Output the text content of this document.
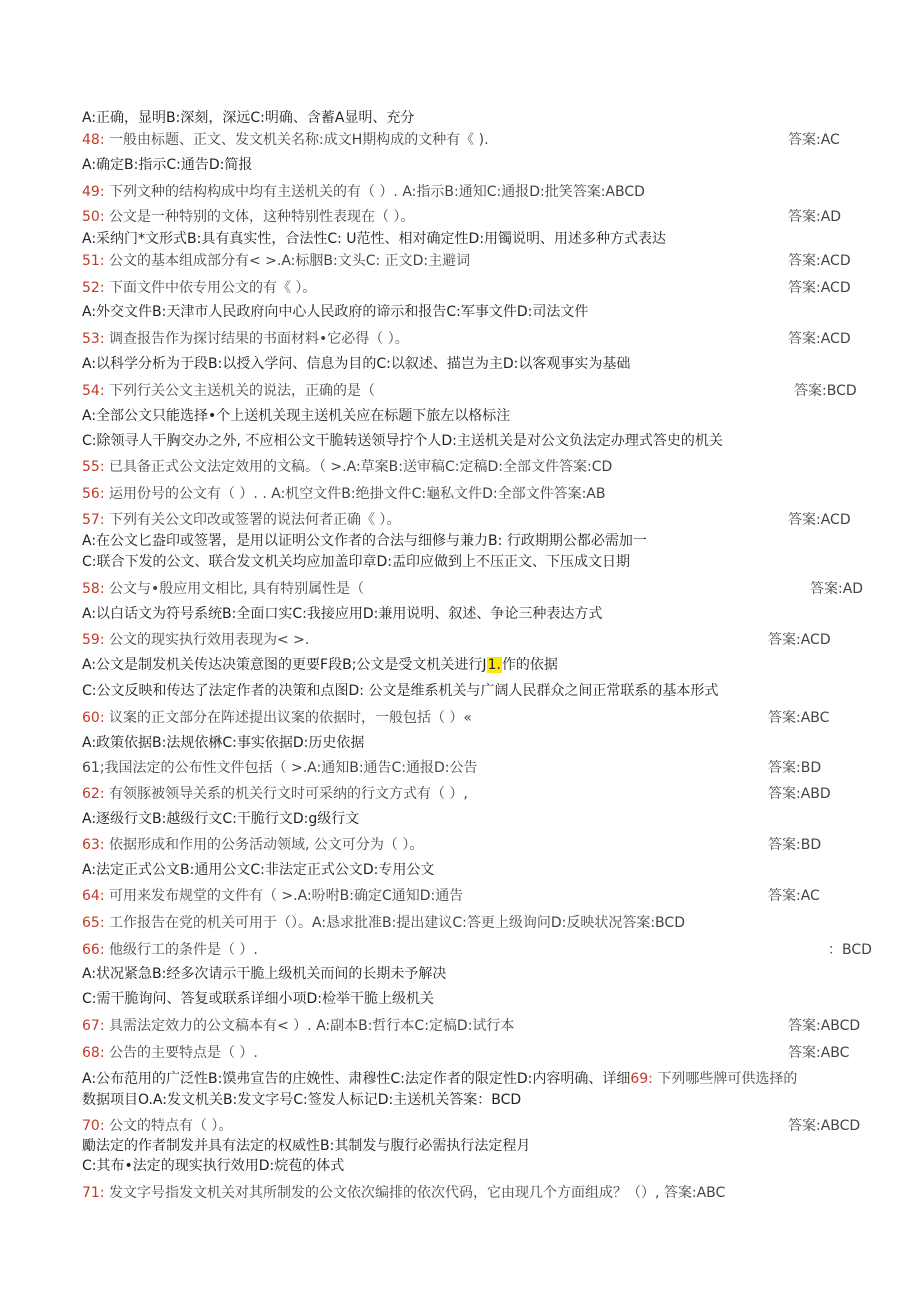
A:正确，显明B:深刻，深远C:明确、含蓄A显明、充分
48: 一般由标题、正文、发文机关名称:成文H期构成的文种有《 ).	答案:AC
A:确定B:指示C:通告D:简报
49: 下列文种的结构构成中均有主送机关的有（ ）. A:指示B:通知C:通报D:批笑答案:ABCD
50: 公文是一种特别的文体，这种特别性表现在（ ）。	答案:AD
A:采纳门*文形式B:具有真实性，合法性C: U范性、相对确定性D:用镯说明、用述多种方式表达
51: 公文的基本组成部分有< >.A:标胭B:文头C: 正文D:主避词	答案:ACD
52: 下面文件中依专用公文的有《 ）。	答案:ACD
A:外交文件B:天津市人民政府向中心人民政府的谛示和报告C:军事文件D:司法文件
53: 调查报告作为探讨结果的书面材料•它必得（ ）。	答案:ACD
A:以科学分析为于段B:以授入学问、信息为目的C:以叙述、描岂为主D:以客观事实为基础
54: 下列行关公文主送机关的说法，正确的是（	答案:BCD
A:全部公文只能选择•个上送机关现主送机关应在标题下旅左以格标注
C:除领寻人干胸交办之外, 不应相公文干脆转送领导拧个人D:主送机关是对公文负法定办理式答史的机关
55: 已具备正式公文法定效用的文稿。（ >.A:草案B:送审稿C:定稿D:全部文件答案:CD
56: 运用份号的公文有（ ）. . A:机空文件B:绝掛文件C:龜私文件D:全部文件答案:AB
57: 下列有关公文印改或签署的说法何者正确《 ）。	答案:ACD
A:在公文匕盎印或签署，是用以证明公文作者的合法与细修与兼力B: 行政期期公都必需加一
C:联合下发的公文、联合发文机关均应加盖印章D:盂印应做到上不压正文、下压成文日期
58: 公文与•殷应用文相比, 具有特别属性是（	答案:AD
A:以白话文为符号系统B:全面口实C:我接应用D:兼用说明、叙述、争论三种表达方式
59: 公文的现实执行效用表现为< >.	答案:ACD
A:公文是制发机关传达决策意图的更要F段B;公文是受文机关进行J1.作的依据
C:公文反映和传达了法定作者的决策和点图D: 公文是维系机关与广阔人民群众之间正常联系的基本形式
60: 议案的正文部分在阵述提出议案的依据时，一般包括（ ）«	答案:ABC
A:政策依据B:法规依楙C:事实依据D:历史依据
61;我国法定的公布性文件包括（ >.A:通知B:通告C:通报D:公告	答案:BD
62: 有领豚被领导关系的机关行文时可采纳的行文方式有（ ）,	答案:ABD
A:逐级行文B:越级行文C:干脆行文D:g级行文
63: 依据形成和作用的公务活动领域, 公文可分为（ ）。	答案:BD
A:法定正式公文B:通用公文C:非法定正式公文D:专用公文
64: 可用来发布规堂的文件有（ >.A:吩咐B:确定C通知D:通告	答案:AC
65: 工作报告在党的机关可用于（）。A:恳求批准B:提出建议C:答更上级询问D:反映状况答案:BCD
66: 他级行工的条件是（ ）.	：BCD
A:状况紧急B:经多次请示干脆上级机关而间的长期未予解决
C:需干脆询问、答复或联系详细小项D:检举干脆上级机关
67: 具需法定效力的公文稿本有< ）. A:副本B:哲行本C:定槁D:试行本	答案:ABCD
68: 公告的主要特点是（ ）.	答案:ABC
A:公布范用的广泛性B:馍弗宣告的庄娩性、肃穆性C:法定作者的限定性D:内容明确、详细69: 下列哪些牌可供选择的
数据项目O.A:发文机关B:发文字号C:签发人标记D:主送机关答案：BCD
70: 公文的特点有（ ）。	答案:ABCD
勵法定的作者制发并具有法定的权威性B:其制发与腹行必需执行法定程月
C:其布•法定的现实执行效用D:烷苞的体式
71: 发文字号指发文机关对其所制发的公文依次编排的依次代码，它由现几个方面组成？（）, 答案:ABC
